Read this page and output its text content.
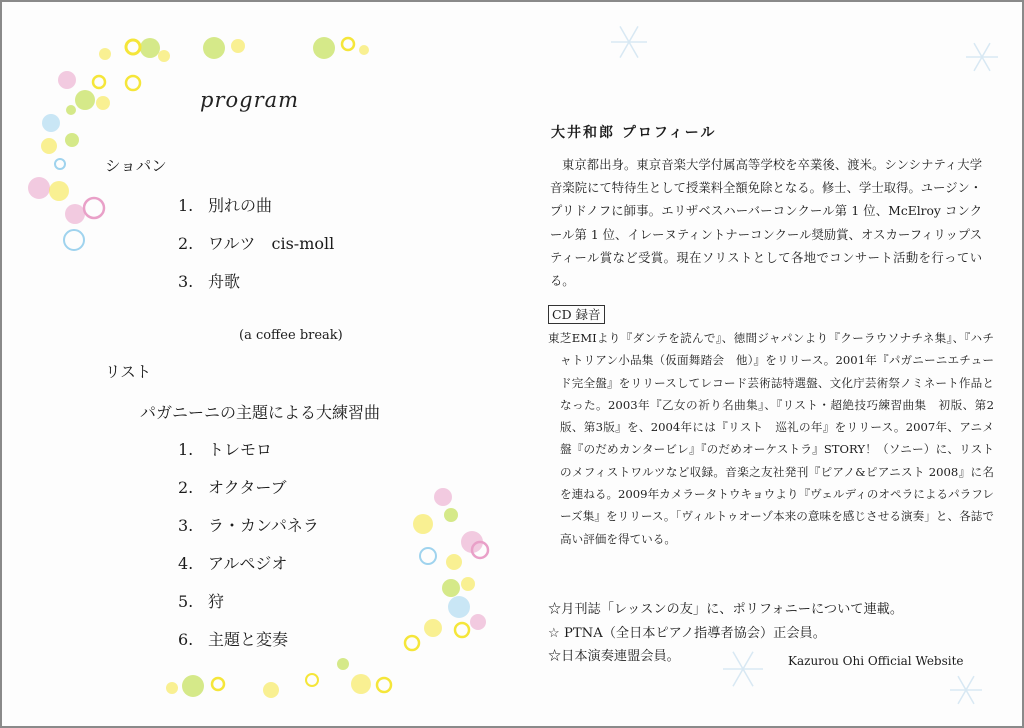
program
ショパン
1. 別れの曲
2. ワルツ　cis-moll
3. 舟歌
(a coffee break)
リスト
パガニーニの主題による大練習曲
1. トレモロ
2. オクターブ
3. ラ・カンパネラ
4. アルペジオ
5. 狩
6. 主題と変奏
大井和郎 プロフィール

東京都出身。東京音楽大学付属高等学校を卒業後、渡米。シンシナティ大学音楽院にて特待生として授業料全額免除となる。修士、学士取得。ユージン・プリドノフに師事。エリザベスハーバーコンクール第 1 位、McElroy コンクール第 1 位、イレーヌティントナーコンクール奨励賞、オスカーフィリップスティール賞など受賞。現在ソリストとして各地でコンサート活動を行っている。

CD 録音

東芝EMIより『ダンテを読んで』、徳間ジャパンより『クーラウソナチネ集』、『ハチャトリアン小品集（仮面舞踏会　他）』をリリース。2001年『パガニーニエチュード完全盤』をリリースしてレコード芸術誌特選盤、文化庁芸術祭ノミネート作品となった。2003年『乙女の祈り名曲集』、『リスト・超絶技巧練習曲集　初版、第2版、第3版』を、2004年には『リスト　巡礼の年』をリリース。2007年、アニメ盤『のだめカンタービレ』『のだめオーケストラ』STORY！（ソニー）に、リストのメフィストワルツなど収録。音楽之友社発刊『ピアノ&ピアニスト 2008』に名を連ねる。2009年カメラータトウキョウより『ヴェルディのオペラによるパラフレーズ集』をリリース。「ヴィルトゥオーゾ本来の意味を感じさせる演奏」と、各誌で高い評価を得ている。

☆月刊誌「レッスンの友」に、ポリフォニーについて連載。
☆ PTNA（全日本ピアノ指導者協会）正会員。
☆日本演奏連盟会員。	Kazurou Ohi Official Website
